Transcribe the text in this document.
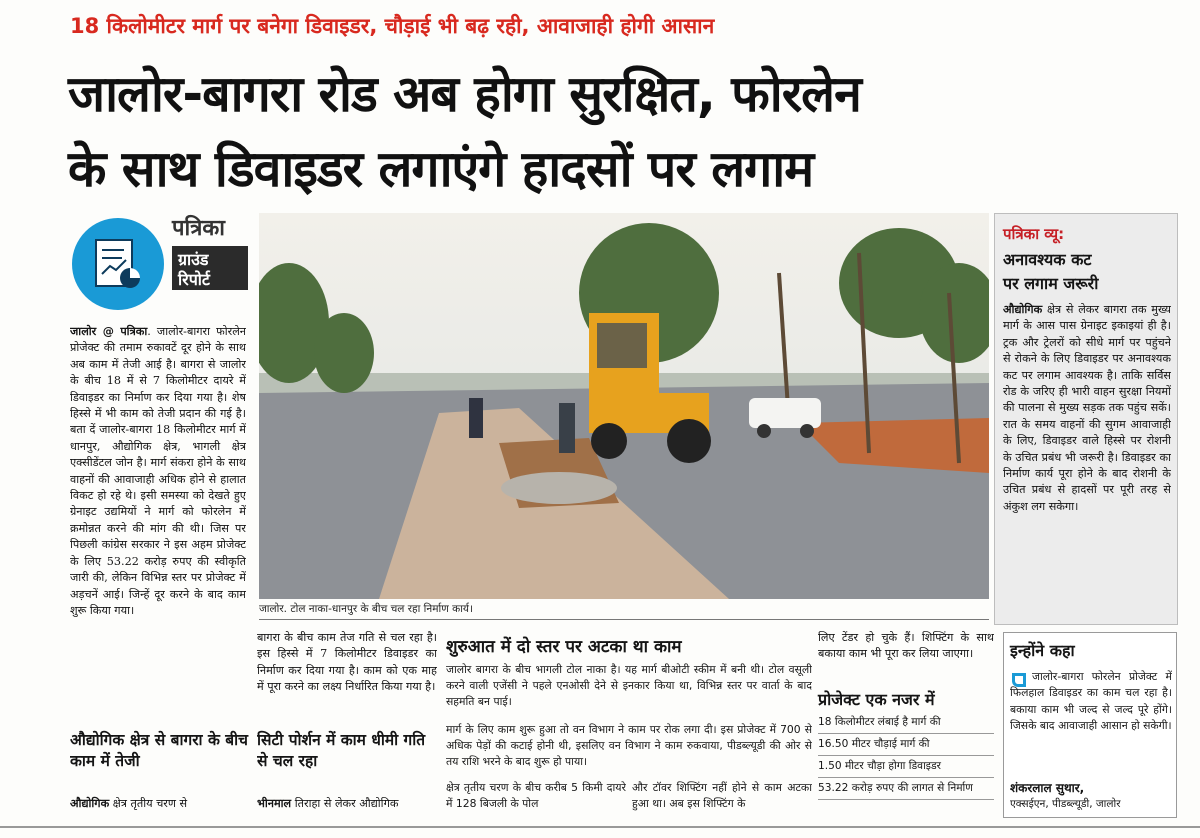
18 किलोमीटर मार्ग पर बनेगा डिवाइडर, चौड़ाई भी बढ़ रही, आवाजाही होगी आसान
जालोर-बागरा रोड अब होगा सुरक्षित, फोरलेन
के साथ डिवाइडर लगाएंगे हादसों पर लगाम
पत्रिका
ग्राउंड
रिपोर्ट
जालोर @ पत्रिका. जालोर-बागरा फोरलेन प्रोजेक्ट की तमाम रुकावटें दूर होने के साथ अब काम में तेजी आई है। बागरा से जालोर के बीच 18 में से 7 किलोमीटर दायरे में डिवाइडर का निर्माण कर दिया गया है। शेष हिस्से में भी काम को तेजी प्रदान की गई है। बता दें जालोर-बागरा 18 किलोमीटर मार्ग में धानपुर, औद्योगिक क्षेत्र, भागली क्षेत्र एक्सीडेंटल जोन है। मार्ग संकरा होने के साथ वाहनों की आवाजाही अधिक होने से हालात विकट हो रहे थे। इसी समस्या को देखते हुए ग्रेनाइट उद्यमियों ने मार्ग को फोरलेन में क्रमोन्नत करने की मांग की थी। जिस पर पिछली कांग्रेस सरकार ने इस अहम प्रोजेक्ट के लिए 53.22 करोड़ रुपए की स्वीकृति जारी की, लेकिन विभिन्न स्तर पर प्रोजेक्ट में अड़चनें आई। जिन्हें दूर करने के बाद काम शुरू किया गया।
औद्योगिक क्षेत्र से बागरा के बीच काम में तेजी
औद्योगिक क्षेत्र तृतीय चरण से
जालोर. टोल नाका-धानपुर के बीच चल रहा निर्माण कार्य।
बागरा के बीच काम तेज गति से चल रहा है। इस हिस्से में 7 किलोमीटर डिवाइडर का निर्माण कर दिया गया है। काम को एक माह में पूरा करने का लक्ष्य निर्धारित किया गया है।
सिटी पोर्शन में काम धीमी गति से चल रहा
भीनमाल तिराहा से लेकर औद्योगिक
शुरुआत में दो स्तर पर अटका था काम
जालोर बागरा के बीच भागली टोल नाका है। यह मार्ग बीओटी स्कीम में बनी थी। टोल वसूली करने वाली एजेंसी ने पहले एनओसी देने से इनकार किया था, विभिन्न स्तर पर वार्ता के बाद सहमति बन पाई।
मार्ग के लिए काम शुरू हुआ तो वन विभाग ने काम पर रोक लगा दी। इस प्रोजेक्ट में 700 से अधिक पेड़ों की कटाई होनी थी, इसलिए वन विभाग ने काम रुकवाया, पीडब्ल्यूडी की ओर से तय राशि भरने के बाद शुरू हो पाया।
क्षेत्र तृतीय चरण के बीच करीब 5 किमी दायरे में 128 बिजली के पोल
और टॉवर शिफ्टिंग नहीं होने से काम अटका हुआ था। अब इस शिफ्टिंग के
लिए टेंडर हो चुके हैं। शिफ्टिंग के साथ बकाया काम भी पूरा कर लिया जाएगा।
प्रोजेक्ट एक नजर में
18 किलोमीटर लंबाई है मार्ग की
16.50 मीटर चौड़ाई मार्ग की
1.50 मीटर चौड़ा होगा डिवाइडर
53.22 करोड़ रुपए की लागत से निर्माण
पत्रिका व्यू:
अनावश्यक कट
पर लगाम जरूरी
औद्योगिक क्षेत्र से लेकर बागरा तक मुख्य मार्ग के आस पास ग्रेनाइट इकाइयां ही है। ट्रक और ट्रेलरों को सीधे मार्ग पर पहुंचने से रोकने के लिए डिवाइडर पर अनावश्यक कट पर लगाम आवश्यक है। ताकि सर्विस रोड के जरिए ही भारी वाहन सुरक्षा नियमों की पालना से मुख्य सड़क तक पहुंच सकें। रात के समय वाहनों की सुगम आवाजाही के लिए, डिवाइडर वाले हिस्से पर रोशनी के उचित प्रबंध भी जरूरी है। डिवाइडर का निर्माण कार्य पूरा होने के बाद रोशनी के उचित प्रबंध से हादसों पर पूरी तरह से अंकुश लग सकेगा।
इन्होंने कहा
जालोर-बागरा फोरलेन प्रोजेक्ट में फिलहाल डिवाइडर का काम चल रहा है। बकाया काम भी जल्द से जल्द पूरे होंगे। जिसके बाद आवाजाही आसान हो सकेगी।
शंकरलाल सुथार,
एक्सईएन, पीडब्ल्यूडी, जालोर
